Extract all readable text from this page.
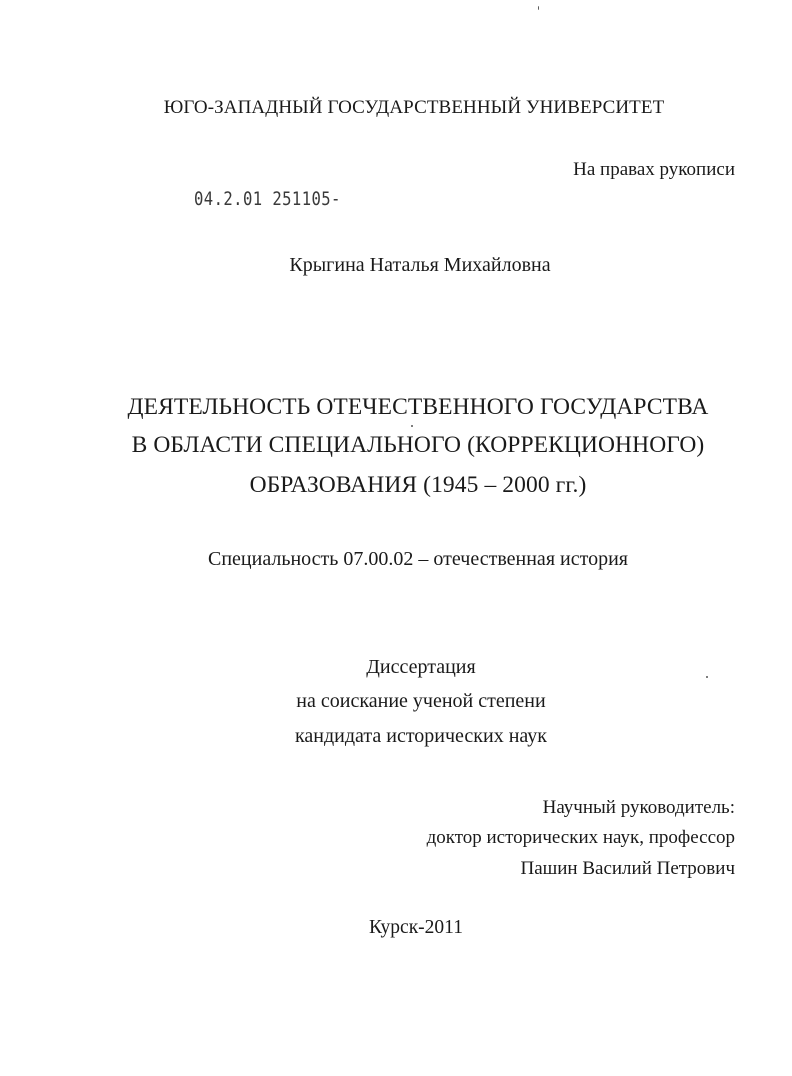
ЮГО-ЗАПАДНЫЙ ГОСУДАРСТВЕННЫЙ УНИВЕРСИТЕТ
На правах рукописи
04.2.01 251105-
Крыгина Наталья Михайловна
ДЕЯТЕЛЬНОСТЬ ОТЕЧЕСТВЕННОГО ГОСУДАРСТВА
В ОБЛАСТИ СПЕЦИАЛЬНОГО (КОРРЕКЦИОННОГО)
ОБРАЗОВАНИЯ (1945 – 2000 гг.)
Специальность 07.00.02 – отечественная история
Диссертация
на соискание ученой степени
кандидата исторических наук
Научный руководитель:
доктор исторических наук, профессор
Пашин Василий Петрович
Курск-2011
